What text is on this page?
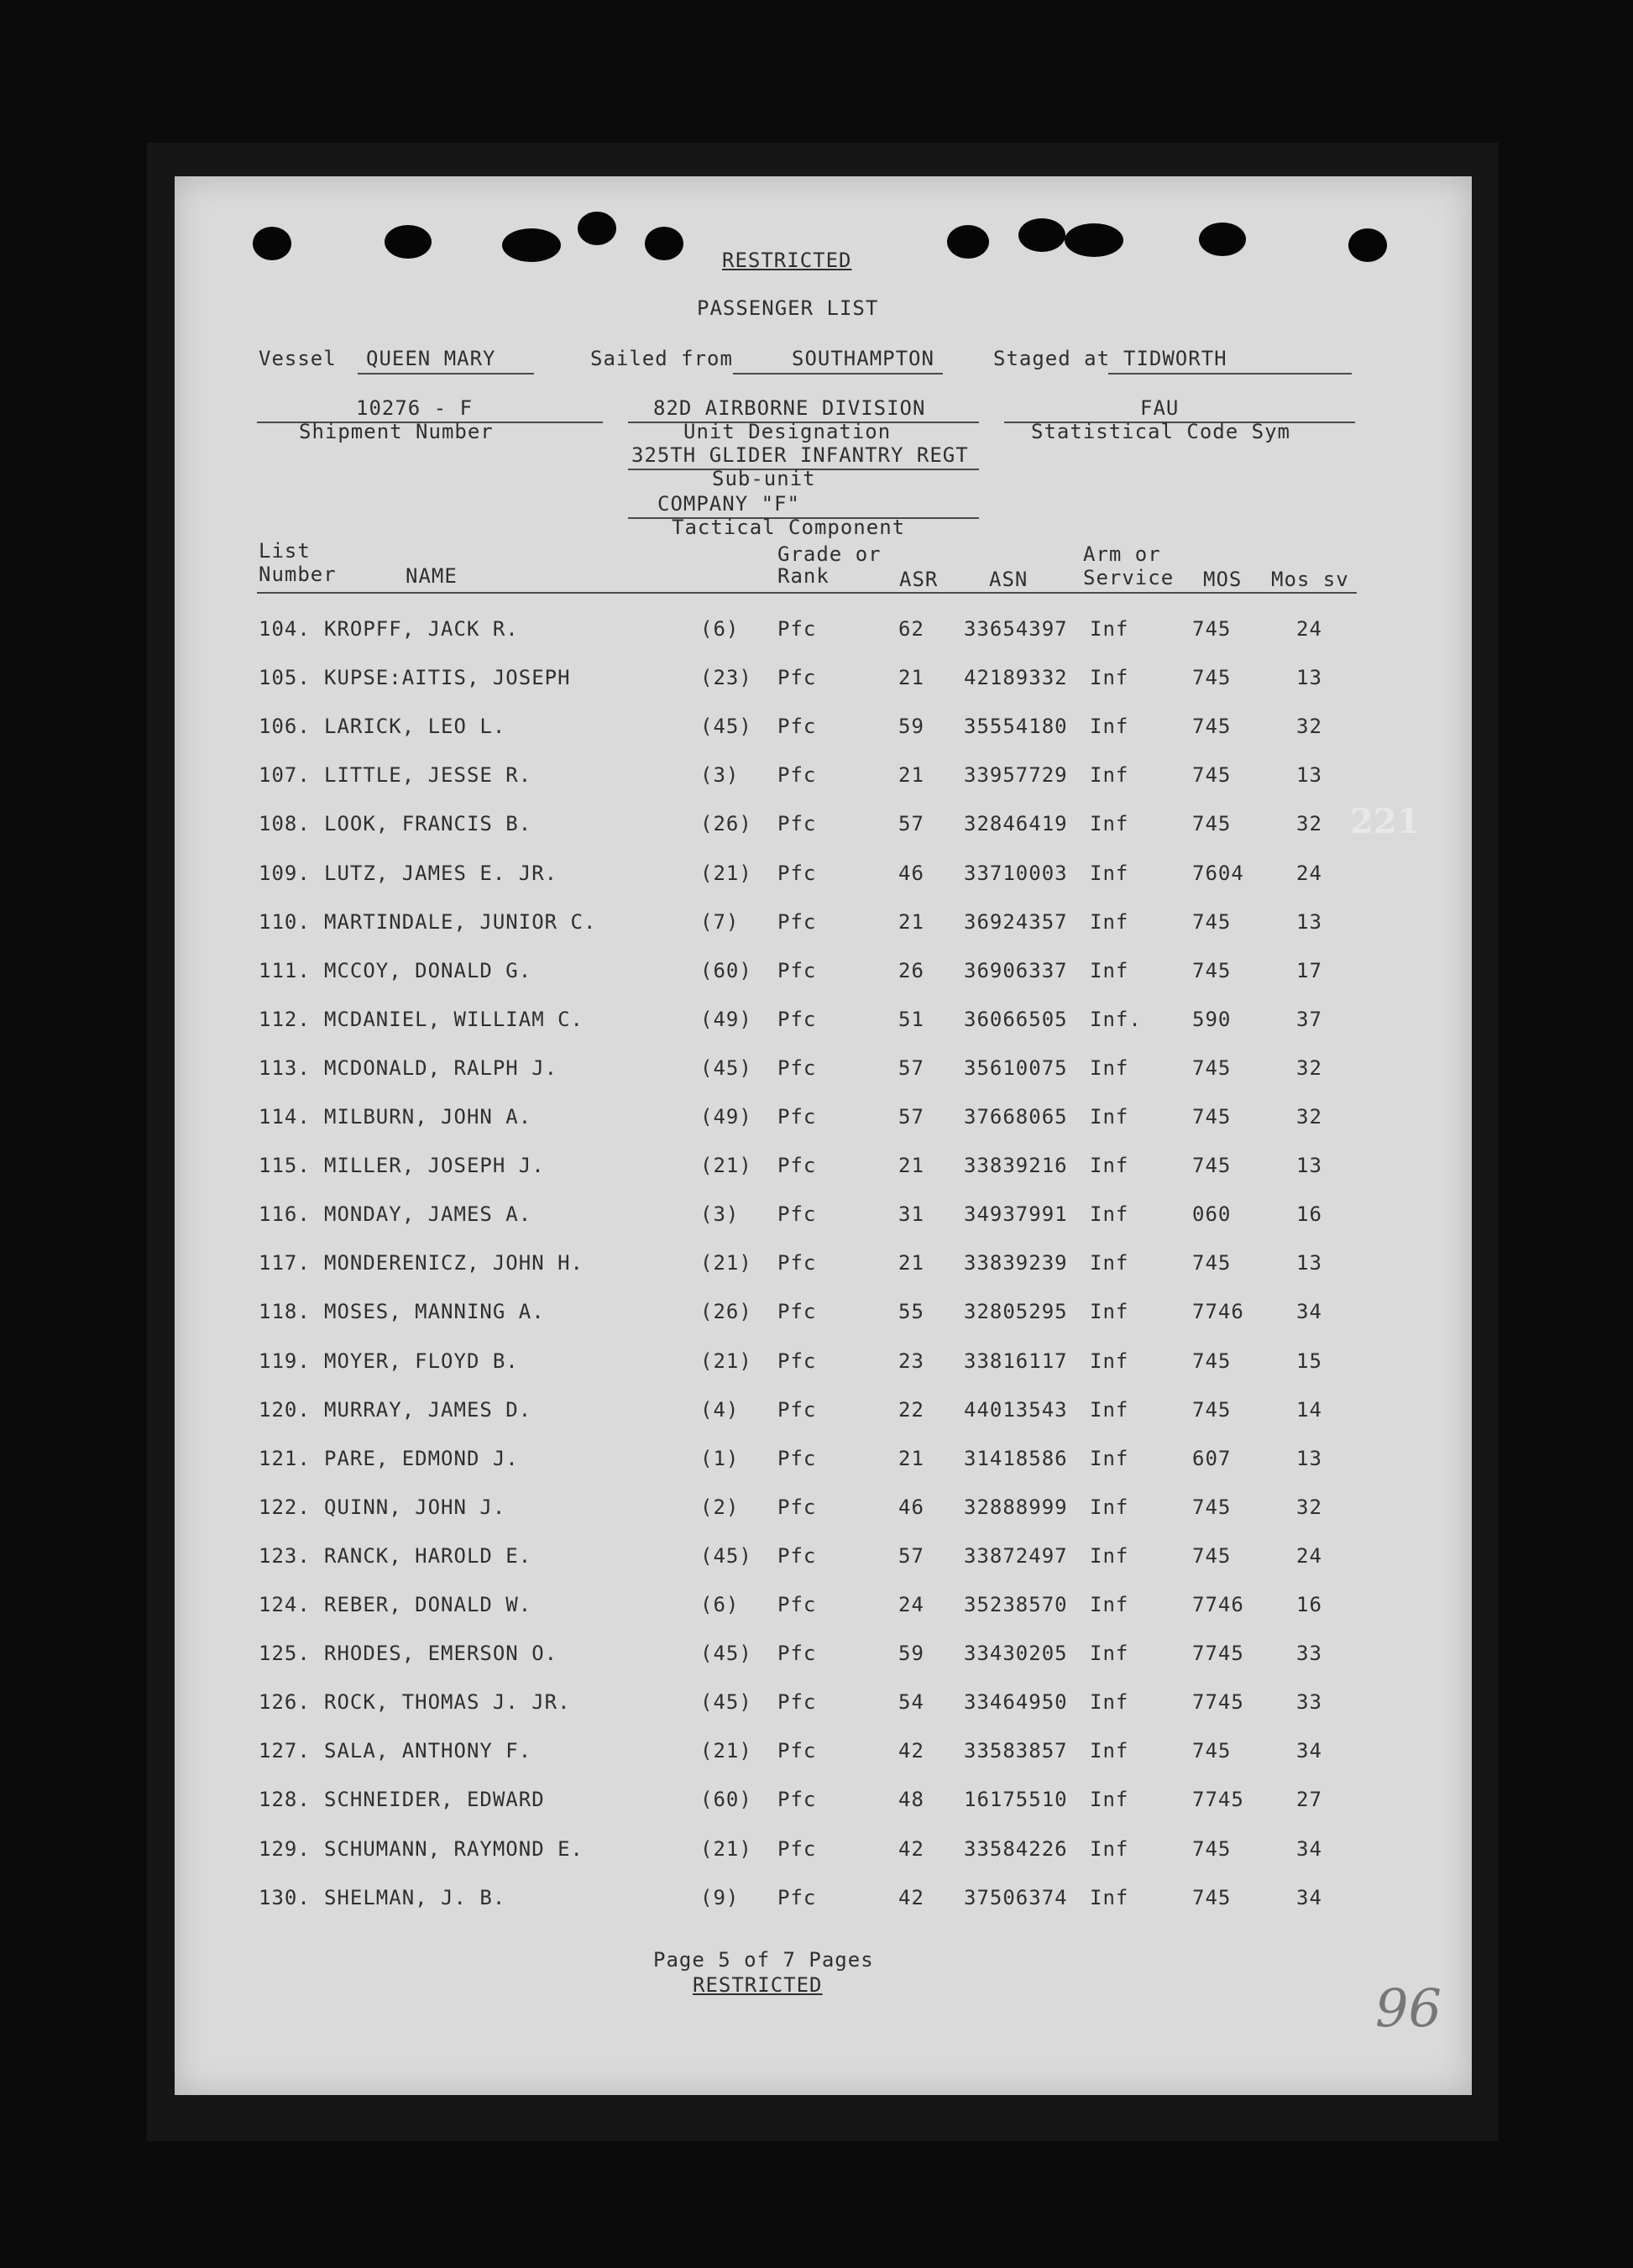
RESTRICTED
PASSENGER LIST
Vessel QUEEN MARY	Sailed from	SOUTHAMPTON	Staged at TIDWORTH
10276 - F
Shipment Number
82D AIRBORNE DIVISION
Unit Designation
325TH GLIDER INFANTRY REGT
Sub-unit
COMPANY "F"
Tactical Component
FAU
Statistical Code Sym
List
Number	NAME
Grade or
Rank	ASR	ASN
Arm or
Service MOS Mos sv
104. KROPFF, JACK R.	(6) Pfc	62 33654397 Inf	745	24
105. KUPSE:AITIS, JOSEPH	(23) Pfc	21 42189332 Inf	745	13
106. LARICK, LEO L.	(45) Pfc	59 35554180 Inf	745	32
107. LITTLE, JESSE R.	(3) Pfc	21 33957729 Inf	745	13
108. LOOK, FRANCIS B.	(26) Pfc	57 32846419 Inf	745	32
109. LUTZ, JAMES E. JR.	(21) Pfc	46 33710003 Inf	7604	24
110. MARTINDALE, JUNIOR C.	(7) Pfc	21 36924357 Inf	745	13
111. MCCOY, DONALD G.	(60) Pfc	26 36906337 Inf	745	17
112. MCDANIEL, WILLIAM C.	(49) Pfc	51 36066505 Inf.	590	37
113. MCDONALD, RALPH J.	(45) Pfc	57 35610075 Inf	745	32
114. MILBURN, JOHN A.	(49) Pfc	57 37668065 Inf	745	32
115. MILLER, JOSEPH J.	(21) Pfc	21 33839216 Inf	745	13
116. MONDAY, JAMES A.	(3) Pfc	31 34937991 Inf	060	16
117. MONDERENICZ, JOHN H.	(21) Pfc	21 33839239 Inf	745	13
118. MOSES, MANNING A.	(26) Pfc	55 32805295 Inf	7746	34
119. MOYER, FLOYD B.	(21) Pfc	23 33816117 Inf	745	15
120. MURRAY, JAMES D.	(4) Pfc	22 44013543 Inf	745	14
121. PARE, EDMOND J.	(1) Pfc	21 31418586 Inf	607	13
122. QUINN, JOHN J.	(2) Pfc	46 32888999 Inf	745	32
123. RANCK, HAROLD E.	(45) Pfc	57 33872497 Inf	745	24
124. REBER, DONALD W.	(6) Pfc	24 35238570 Inf	7746	16
125. RHODES, EMERSON O.	(45) Pfc	59 33430205 Inf	7745	33
126. ROCK, THOMAS J. JR.	(45) Pfc	54 33464950 Inf	7745	33
127. SALA, ANTHONY F.	(21) Pfc	42 33583857 Inf	745	34
128. SCHNEIDER, EDWARD	(60) Pfc	48 16175510 Inf	7745	27
129. SCHUMANN, RAYMOND E.	(21) Pfc	42 33584226 Inf	745	34
130. SHELMAN, J. B.	(9) Pfc	42 37506374 Inf	745	34
Page 5 of 7 Pages
RESTRICTED
221
96
